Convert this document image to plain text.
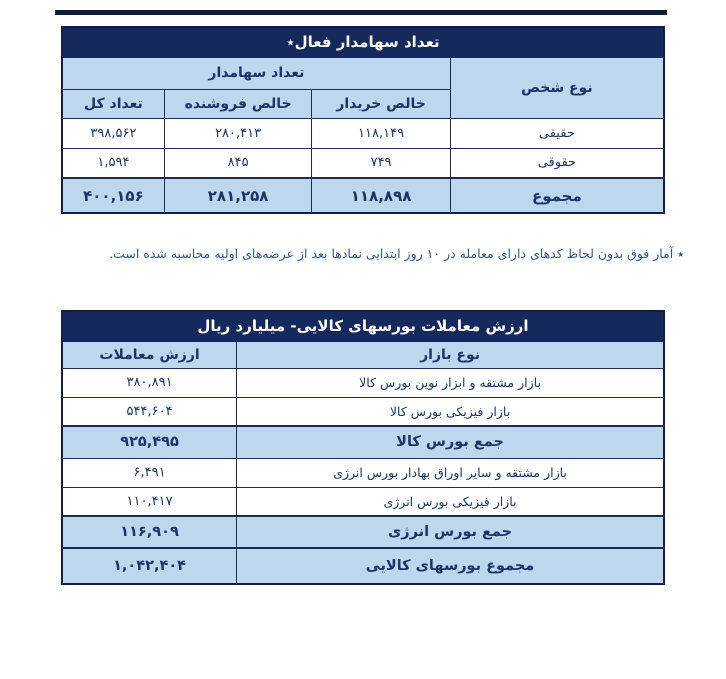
تعداد سهامدار فعال٭			
نوع شخص	تعداد سهامدار		
	خالص خریدار	خالص فروشنده	تعداد کل
حقیقی	۱۱۸,۱۴۹	۲۸۰,۴۱۳	۳۹۸,۵۶۲
حقوقی	۷۴۹	۸۴۵	۱,۵۹۴
مجموع	۱۱۸,۸۹۸	۲۸۱,۲۵۸	۴۰۰,۱۵۶
٭ آمار فوق بدون لحاظ کدهای دارای معامله در ۱۰ روز ابتدایی نمادها بعد از عرضه‌های اولیه محاسبه شده است.
ارزش معاملات بورسهای کالایی- میلیارد ریال	
نوع بازار	ارزش معاملات
بازار مشتقه و ابزار نوین بورس کالا	۳۸۰,۸۹۱
بازار فیزیکی بورس کالا	۵۴۴,۶۰۴
جمع بورس کالا	۹۲۵,۴۹۵
بازار مشتقه و سایر اوراق بهادار بورس انرژی	۶,۴۹۱
بازار فیزیکی بورس انرژی	۱۱۰,۴۱۷
جمع بورس انرژی	۱۱۶,۹۰۹
مجموع بورسهای کالایی	۱,۰۴۲,۴۰۴
